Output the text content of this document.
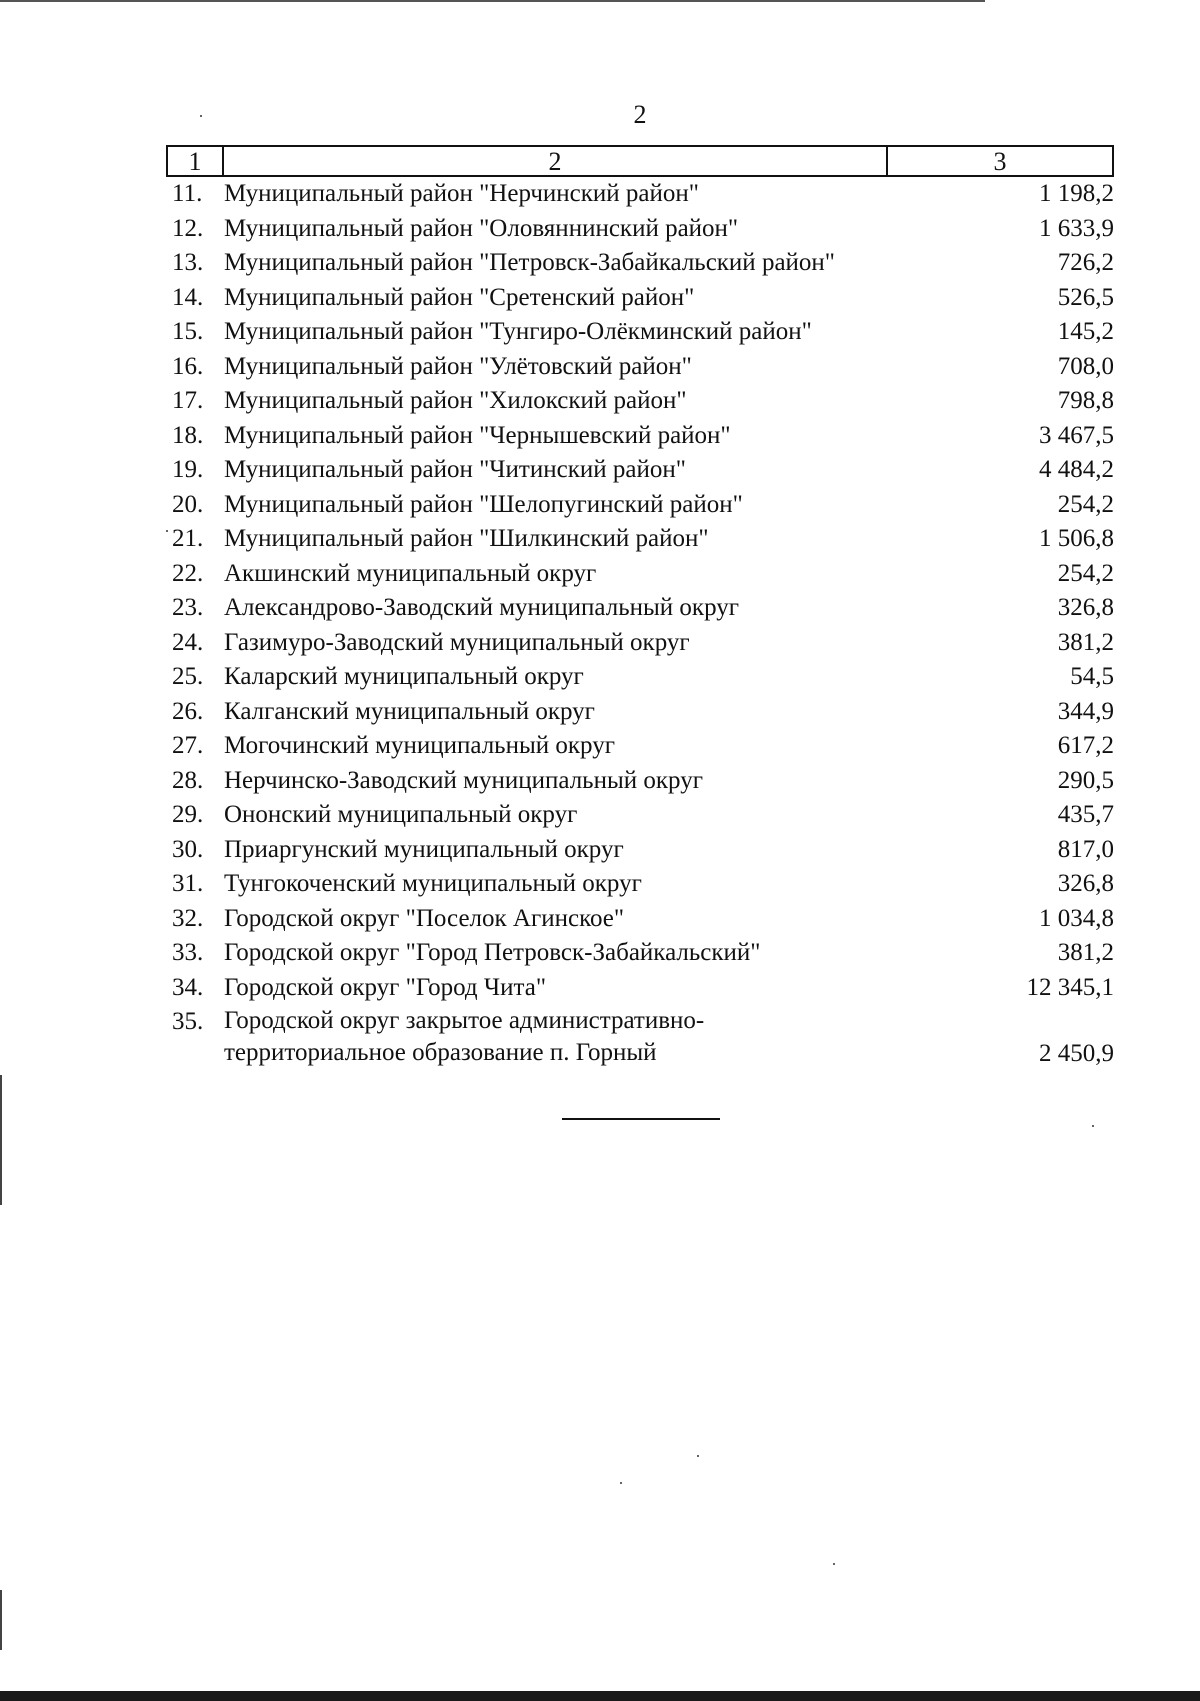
2
1	2	3
11. Муниципальный район "Нерчинский район"	1 198,2
12. Муниципальный район "Оловяннинский район"	1 633,9
13. Муниципальный район "Петровск-Забайкальский район"	726,2
14. Муниципальный район "Сретенский район"	526,5
15. Муниципальный район "Тунгиро-Олёкминский район"	145,2
16. Муниципальный район "Улётовский район"	708,0
17. Муниципальный район "Хилокский район"	798,8
18. Муниципальный район "Чернышевский район"	3 467,5
19. Муниципальный район "Читинский район"	4 484,2
20. Муниципальный район "Шелопугинский район"	254,2
21. Муниципальный район "Шилкинский район"	1 506,8
22. Акшинский муниципальный округ	254,2
23. Александрово-Заводский муниципальный округ	326,8
24. Газимуро-Заводский муниципальный округ	381,2
25. Каларский муниципальный округ	54,5
26. Калганский муниципальный округ	344,9
27. Могочинский муниципальный округ	617,2
28. Нерчинско-Заводский муниципальный округ	290,5
29. Ононский муниципальный округ	435,7
30. Приаргунский муниципальный округ	817,0
31. Тунгокоченский муниципальный округ	326,8
32. Городской округ "Поселок Агинское"	1 034,8
33. Городской округ "Город Петровск-Забайкальский"	381,2
34. Городской округ "Город Чита"	12 345,1
35. Городской округ закрытое административно-территориальное образование п. Горный	2 450,9
